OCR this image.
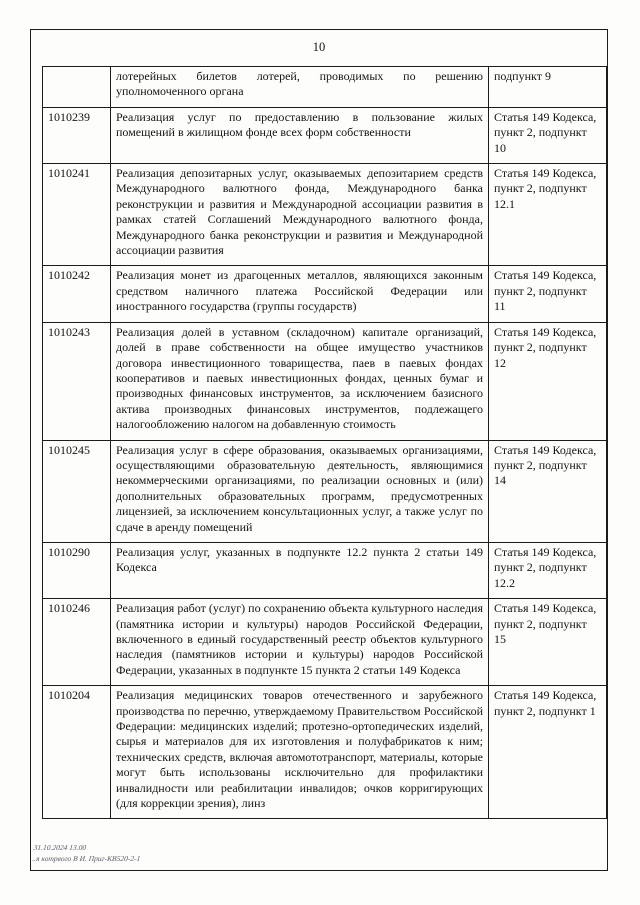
10
	лотерейных билетов лотерей, проводимых по решению уполномоченного органа	подпункт 9
1010239	Реализация услуг по предоставлению в пользование жилых помещений в жилищном фонде всех форм собственности	Статья 149 Кодекса, пункт 2, подпункт 10
1010241	Реализация депозитарных услуг, оказываемых депозитарием средств Международного валютного фонда, Международного банка реконструкции и развития и Международной ассоциации развития в рамках статей Соглашений Международного валютного фонда, Международного банка реконструкции и развития и Международной ассоциации развития	Статья 149 Кодекса, пункт 2, подпункт 12.1
1010242	Реализация монет из драгоценных металлов, являющихся законным средством наличного платежа Российской Федерации или иностранного государства (группы государств)	Статья 149 Кодекса, пункт 2, подпункт 11
1010243	Реализация долей в уставном (складочном) капитале организаций, долей в праве собственности на общее имущество участников договора инвестиционного товарищества, паев в паевых фондах кооперативов и паевых инвестиционных фондах, ценных бумаг и производных финансовых инструментов, за исключением базисного актива производных финансовых инструментов, подлежащего налогообложению налогом на добавленную стоимость	Статья 149 Кодекса, пункт 2, подпункт 12
1010245	Реализация услуг в сфере образования, оказываемых организациями, осуществляющими образовательную деятельность, являющимися некоммерческими организациями, по реализации основных и (или) дополнительных образовательных программ, предусмотренных лицензией, за исключением консультационных услуг, а также услуг по сдаче в аренду помещений	Статья 149 Кодекса, пункт 2, подпункт 14
1010290	Реализация услуг, указанных в подпункте 12.2 пункта 2 статьи 149 Кодекса	Статья 149 Кодекса, пункт 2, подпункт 12.2
1010246	Реализация работ (услуг) по сохранению объекта культурного наследия (памятника истории и культуры) народов Российской Федерации, включенного в единый государственный реестр объектов культурного наследия (памятников истории и культуры) народов Российской Федерации, указанных в подпункте 15 пункта 2 статьи 149 Кодекса	Статья 149 Кодекса, пункт 2, подпункт 15
1010204	Реализация медицинских товаров отечественного и зарубежного производства по перечню, утверждаемому Правительством Российской Федерации: медицинских изделий; протезно-ортопедических изделий, сырья и материалов для их изготовления и полуфабрикатов к ним; технических средств, включая автомототранспорт, материалы, которые могут быть использованы исключительно для профилактики инвалидности или реабилитации инвалидов; очков корригирующих (для коррекции зрения), линз	Статья 149 Кодекса, пункт 2, подпункт 1
31.10.2024 13.00
..я котрвого В И. Приг-КВ520-2-1
